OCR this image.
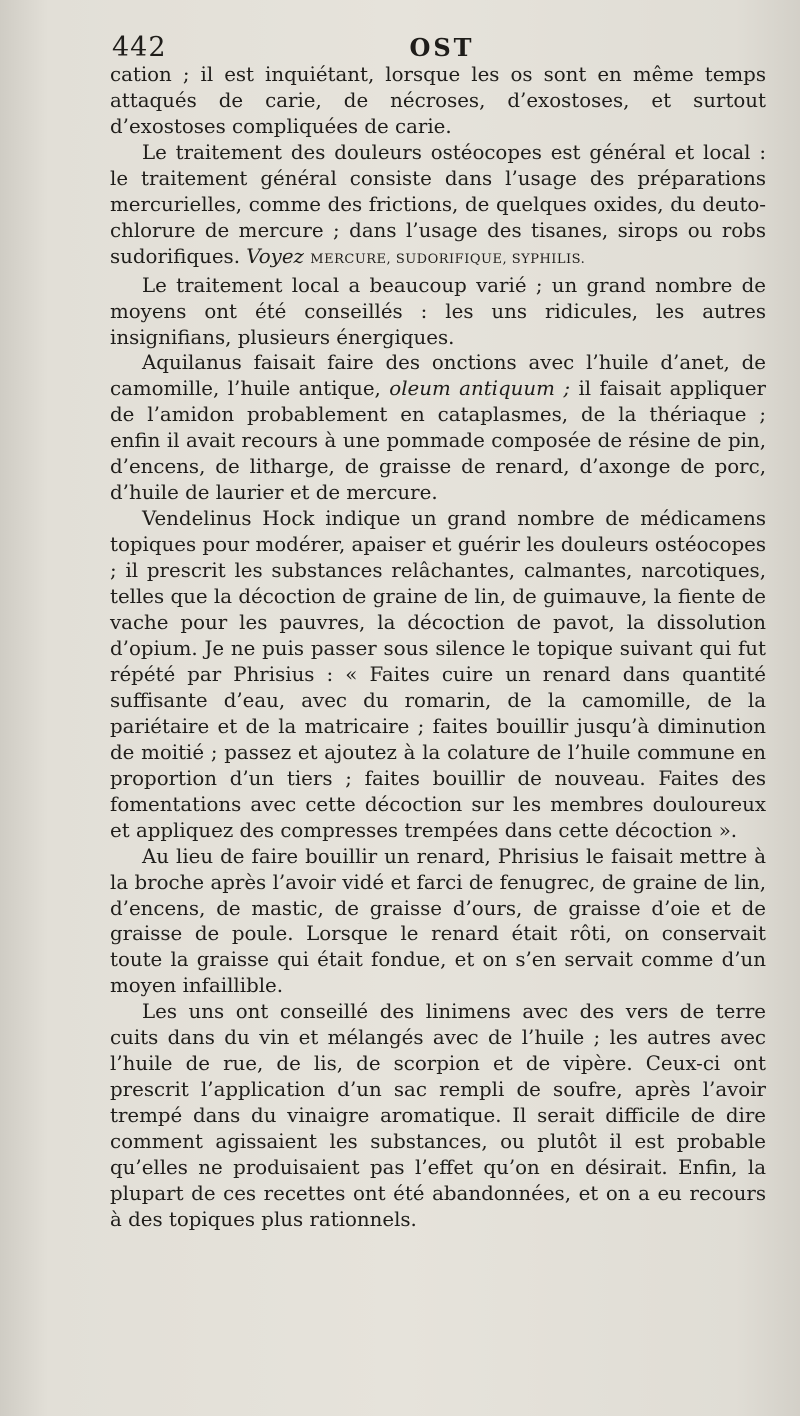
442	OST

cation ; il est inquiétant, lorsque les os sont en même temps attaqués de carie, de nécroses, d’exostoses, et surtout d’exostoses compliquées de carie.

Le traitement des douleurs ostéocopes est général et local : le traitement général consiste dans l’usage des préparations mercurielles, comme des frictions, de quelques oxides, du deuto-chlorure de mercure ; dans l’usage des tisanes, sirops ou robs sudorifiques. Voyez MERCURE, SUDORIFIQUE, SYPHILIS.

Le traitement local a beaucoup varié ; un grand nombre de moyens ont été conseillés : les uns ridicules, les autres insignifians, plusieurs énergiques.

Aquilanus faisait faire des onctions avec l’huile d’anet, de camomille, l’huile antique, oleum antiquum ; il faisait appliquer de l’amidon probablement en cataplasmes, de la thériaque ; enfin il avait recours à une pommade composée de résine de pin, d’encens, de litharge, de graisse de renard, d’axonge de porc, d’huile de laurier et de mercure.

Vendelinus Hock indique un grand nombre de médicamens topiques pour modérer, apaiser et guérir les douleurs ostéocopes ; il prescrit les substances relâchantes, calmantes, narcotiques, telles que la décoction de graine de lin, de guimauve, la fiente de vache pour les pauvres, la décoction de pavot, la dissolution d’opium. Je ne puis passer sous silence le topique suivant qui fut répété par Phrisius : « Faites cuire un renard dans quantité suffisante d’eau, avec du romarin, de la camomille, de la pariétaire et de la matricaire ; faites bouillir jusqu’à diminution de moitié ; passez et ajoutez à la colature de l’huile commune en proportion d’un tiers ; faites bouillir de nouveau. Faites des fomentations avec cette décoction sur les membres douloureux et appliquez des compresses trempées dans cette décoction ».

Au lieu de faire bouillir un renard, Phrisius le faisait mettre à la broche après l’avoir vidé et farci de fenugrec, de graine de lin, d’encens, de mastic, de graisse d’ours, de graisse d’oie et de graisse de poule. Lorsque le renard était rôti, on conservait toute la graisse qui était fondue, et on s’en servait comme d’un moyen infaillible.

Les uns ont conseillé des linimens avec des vers de terre cuits dans du vin et mélangés avec de l’huile ; les autres avec l’huile de rue, de lis, de scorpion et de vipère. Ceux-ci ont prescrit l’application d’un sac rempli de soufre, après l’avoir trempé dans du vinaigre aromatique. Il serait difficile de dire comment agissaient les substances, ou plutôt il est probable qu’elles ne produisaient pas l’effet qu’on en désirait. Enfin, la plupart de ces recettes ont été abandonnées, et on a eu recours à des topiques plus rationnels.
